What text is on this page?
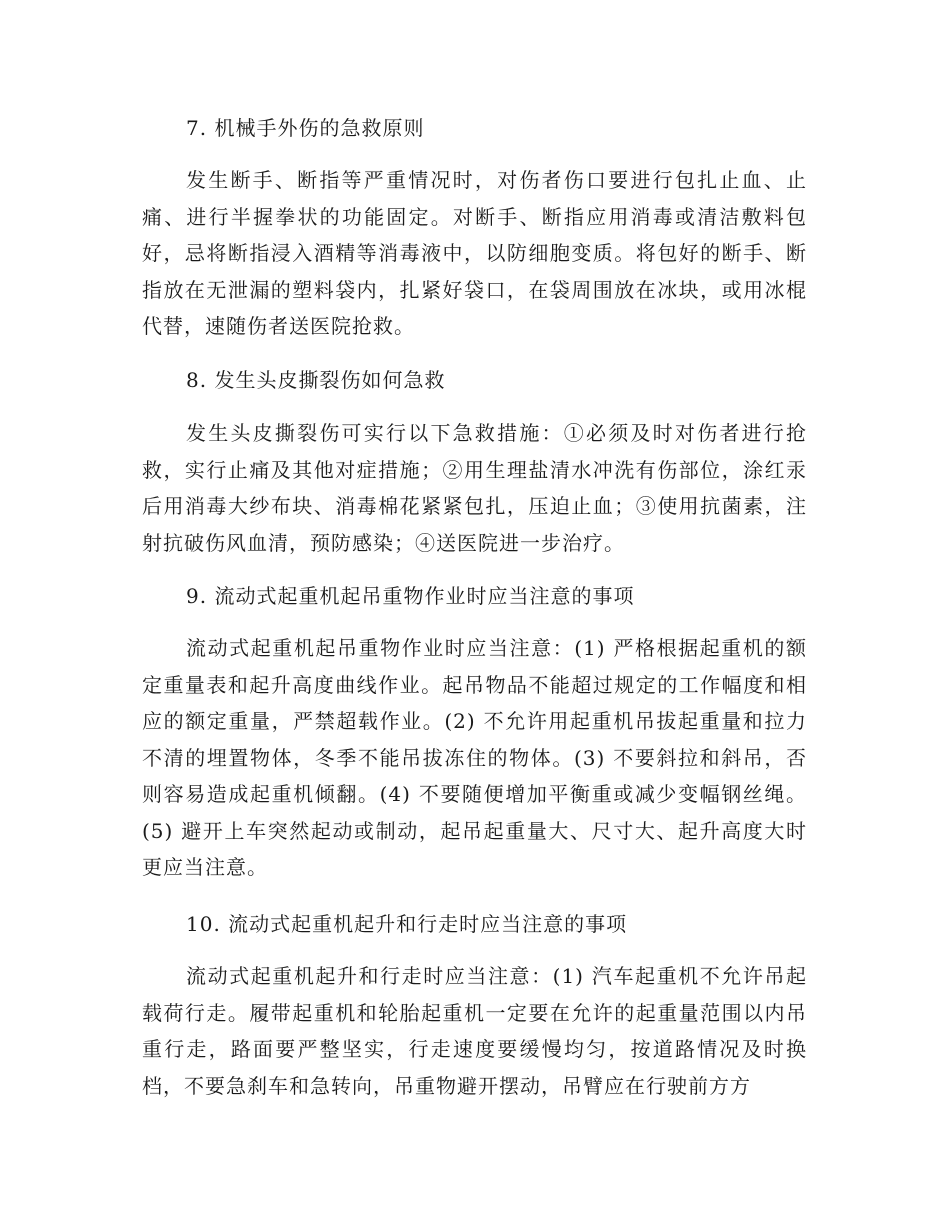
7. 机械手外伤的急救原则

发生断手、断指等严重情况时，对伤者伤口要进行包扎止血、止痛、进行半握拳状的功能固定。对断手、断指应用消毒或清洁敷料包好，忌将断指浸入酒精等消毒液中，以防细胞变质。将包好的断手、断指放在无泄漏的塑料袋内，扎紧好袋口，在袋周围放在冰块，或用冰棍代替，速随伤者送医院抢救。

8. 发生头皮撕裂伤如何急救

发生头皮撕裂伤可实行以下急救措施：①必须及时对伤者进行抢救，实行止痛及其他对症措施；②用生理盐清水冲洗有伤部位，涂红汞后用消毒大纱布块、消毒棉花紧紧包扎，压迫止血；③使用抗菌素，注射抗破伤风血清，预防感染；④送医院进一步治疗。

9. 流动式起重机起吊重物作业时应当注意的事项

流动式起重机起吊重物作业时应当注意：(1) 严格根据起重机的额定重量表和起升高度曲线作业。起吊物品不能超过规定的工作幅度和相应的额定重量，严禁超载作业。(2) 不允许用起重机吊拔起重量和拉力不清的埋置物体，冬季不能吊拔冻住的物体。(3) 不要斜拉和斜吊，否则容易造成起重机倾翻。(4) 不要随便增加平衡重或减少变幅钢丝绳。(5) 避开上车突然起动或制动，起吊起重量大、尺寸大、起升高度大时更应当注意。

10. 流动式起重机起升和行走时应当注意的事项

流动式起重机起升和行走时应当注意：(1) 汽车起重机不允许吊起载荷行走。履带起重机和轮胎起重机一定要在允许的起重量范围以内吊重行走，路面要严整坚实，行走速度要缓慢均匀，按道路情况及时换档，不要急刹车和急转向，吊重物避开摆动，吊臂应在行驶前方方
